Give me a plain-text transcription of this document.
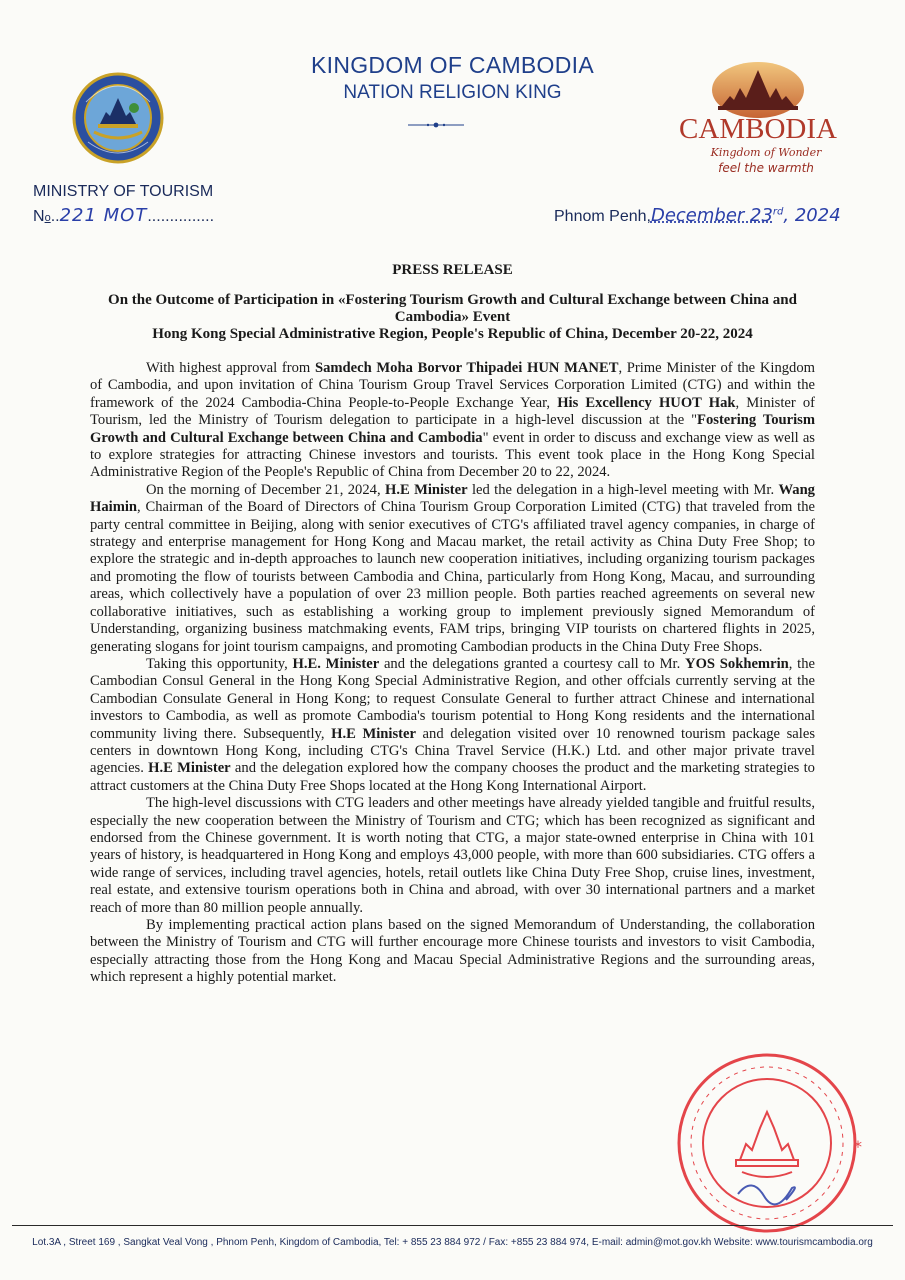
KINGDOM OF CAMBODIA
NATION RELIGION KING
CAMBODIA
Kingdom of Wonder
feel the warmth
MINISTRY OF TOURISM
No..221 MOT...............	Phnom Penh,December 23rd, 2024
PRESS RELEASE
On the Outcome of Participation in «Fostering Tourism Growth and Cultural Exchange between China and Cambodia» Event
Hong Kong Special Administrative Region, People's Republic of China, December 20-22, 2024

With highest approval from Samdech Moha Borvor Thipadei HUN MANET, Prime Minister of the Kingdom of Cambodia, and upon invitation of China Tourism Group Travel Services Corporation Limited (CTG) and within the framework of the 2024 Cambodia-China People-to-People Exchange Year, His Excellency HUOT Hak, Minister of Tourism, led the Ministry of Tourism delegation to participate in a high-level discussion at the "Fostering Tourism Growth and Cultural Exchange between China and Cambodia" event in order to discuss and exchange view as well as to explore strategies for attracting Chinese investors and tourists. This event took place in the Hong Kong Special Administrative Region of the People's Republic of China from December 20 to 22, 2024.

On the morning of December 21, 2024, H.E Minister led the delegation in a high-level meeting with Mr. Wang Haimin, Chairman of the Board of Directors of China Tourism Group Corporation Limited (CTG) that traveled from the party central committee in Beijing, along with senior executives of CTG's affiliated travel agency companies, in charge of strategy and enterprise management for Hong Kong and Macau market, the retail activity as China Duty Free Shop; to explore the strategic and in-depth approaches to launch new cooperation initiatives, including organizing tourism packages and promoting the flow of tourists between Cambodia and China, particularly from Hong Kong, Macau, and surrounding areas, which collectively have a population of over 23 million people. Both parties reached agreements on several new collaborative initiatives, such as establishing a working group to implement previously signed Memorandum of Understanding, organizing business matchmaking events, FAM trips, bringing VIP tourists on chartered flights in 2025, generating slogans for joint tourism campaigns, and promoting Cambodian products in the China Duty Free Shops.

Taking this opportunity, H.E. Minister and the delegations granted a courtesy call to Mr. YOS Sokhemrin, the Cambodian Consul General in the Hong Kong Special Administrative Region, and other offcials currently serving at the Cambodian Consulate General in Hong Kong; to request Consulate General to further attract Chinese and international investors to Cambodia, as well as promote Cambodia's tourism potential to Hong Kong residents and the international community living there. Subsequently, H.E Minister and delegation visited over 10 renowned tourism package sales centers in downtown Hong Kong, including CTG's China Travel Service (H.K.) Ltd. and other major private travel agencies. H.E Minister and the delegation explored how the company chooses the product and the marketing strategies to attract customers at the China Duty Free Shops located at the Hong Kong International Airport.

The high-level discussions with CTG leaders and other meetings have already yielded tangible and fruitful results, especially the new cooperation between the Ministry of Tourism and CTG; which has been recognized as significant and endorsed from the Chinese government. It is worth noting that CTG, a major state-owned enterprise in China with 101 years of history, is headquartered in Hong Kong and employs 43,000 people, with more than 600 subsidiaries. CTG offers a wide range of services, including travel agencies, hotels, retail outlets like China Duty Free Shop, cruise lines, investment, real estate, and extensive tourism operations both in China and abroad, with over 30 international partners and a market reach of more than 80 million people annually.

By implementing practical action plans based on the signed Memorandum of Understanding, the collaboration between the Ministry of Tourism and CTG will further encourage more Chinese tourists and investors to visit Cambodia, especially attracting those from the Hong Kong and Macau Special Administrative Regions and the surrounding areas, which represent a highly potential market.

*
Lot.3A , Street 169 , Sangkat Veal Vong , Phnom Penh, Kingdom of Cambodia, Tel: + 855 23 884 972 / Fax: +855 23 884 974, E-mail: admin@mot.gov.kh Website: www.tourismcambodia.org
